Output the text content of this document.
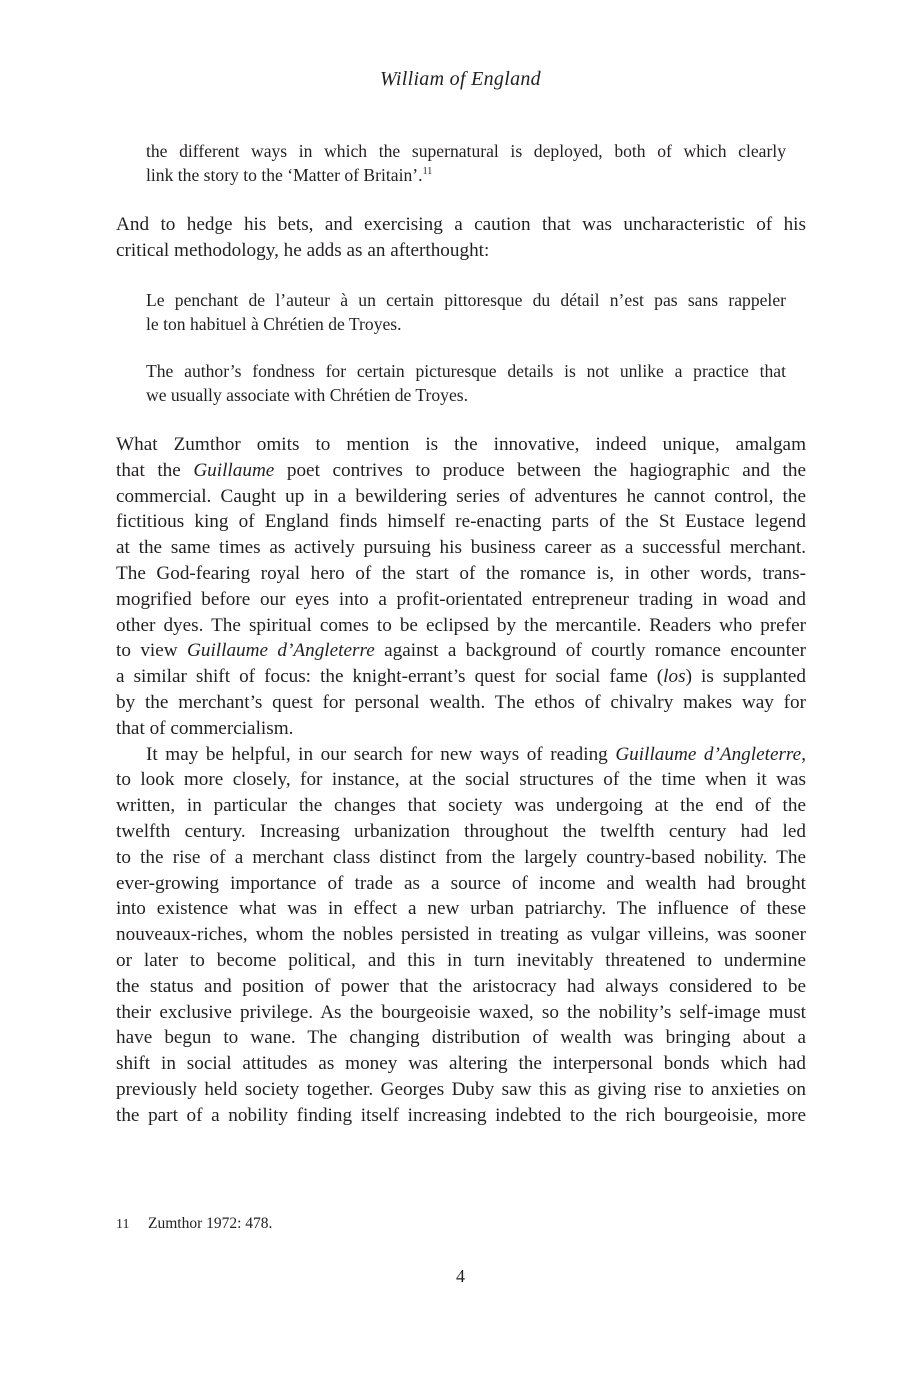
William of England
the different ways in which the supernatural is deployed, both of which clearly
link the story to the ‘Matter of Britain’.$^{11}$
And to hedge his bets, and exercising a caution that was uncharacteristic of his
critical methodology, he adds as an afterthought:
Le penchant de l’auteur à un certain pittoresque du détail n’est pas sans rappeler
le ton habituel à Chrétien de Troyes.
The author’s fondness for certain picturesque details is not unlike a practice that
we usually associate with Chrétien de Troyes.
What Zumthor omits to mention is the innovative, indeed unique, amalgam
that the Guillaume poet contrives to produce between the hagiographic and the
commercial. Caught up in a bewildering series of adventures he cannot control, the
fictitious king of England finds himself re-enacting parts of the St Eustace legend
at the same times as actively pursuing his business career as a successful merchant.
The God-fearing royal hero of the start of the romance is, in other words, trans-
mogrified before our eyes into a profit-orientated entrepreneur trading in woad and
other dyes. The spiritual comes to be eclipsed by the mercantile. Readers who prefer
to view Guillaume d’Angleterre against a background of courtly romance encounter
a similar shift of focus: the knight-errant’s quest for social fame (los) is supplanted
by the merchant’s quest for personal wealth. The ethos of chivalry makes way for
that of commercialism.
It may be helpful, in our search for new ways of reading Guillaume d’Angleterre,
to look more closely, for instance, at the social structures of the time when it was
written, in particular the changes that society was undergoing at the end of the
twelfth century. Increasing urbanization throughout the twelfth century had led
to the rise of a merchant class distinct from the largely country-based nobility. The
ever-growing importance of trade as a source of income and wealth had brought
into existence what was in effect a new urban patriarchy. The influence of these
nouveaux-riches, whom the nobles persisted in treating as vulgar villeins, was sooner
or later to become political, and this in turn inevitably threatened to undermine
the status and position of power that the aristocracy had always considered to be
their exclusive privilege. As the bourgeoisie waxed, so the nobility’s self-image must
have begun to wane. The changing distribution of wealth was bringing about a
shift in social attitudes as money was altering the interpersonal bonds which had
previously held society together. Georges Duby saw this as giving rise to anxieties on
the part of a nobility finding itself increasing indebted to the rich bourgeoisie, more
11 Zumthor 1972: 478.
4
